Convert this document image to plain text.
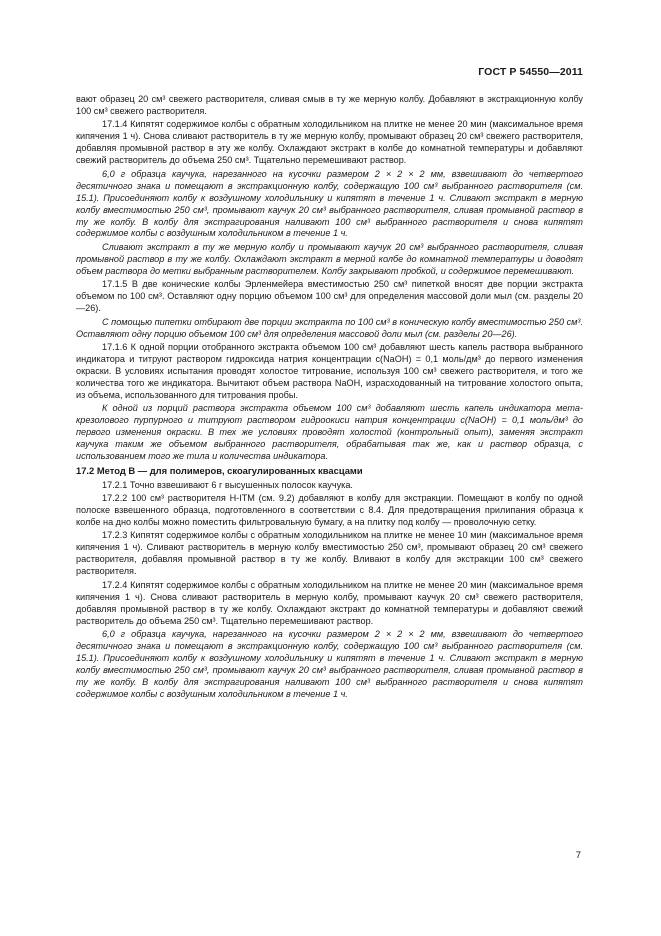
ГОСТ Р 54550—2011

вают образец 20 см³ свежего растворителя, сливая смыв в ту же мерную колбу. Добавляют в экстракционную колбу 100 см³ свежего растворителя.

17.1.4 Кипятят содержимое колбы с обратным холодильником на плитке не менее 20 мин (максимальное время кипячения 1 ч). Снова сливают растворитель в ту же мерную колбу, промывают образец 20 см³ свежего растворителя, добавляя промывной раствор в эту же колбу. Охлаждают экстракт в колбе до комнатной температуры и добавляют свежий растворитель до объема 250 см³. Тщательно перемешивают раствор.

6,0 г образца каучука, нарезанного на кусочки размером 2 × 2 × 2 мм, взвешивают до четвертого десятичного знака и помещают в экстракционную колбу, содержащую 100 см³ выбранного растворителя (см. 15.1). Присоединяют колбу к воздушному холодильнику и кипятят в течение 1 ч. Сливают экстракт в мерную колбу вместимостью 250 см³, промывают каучук 20 см³ выбранного растворителя, сливая промывной раствор в ту же колбу. В колбу для экстрагирования наливают 100 см³ выбранного растворителя и снова кипятят содержимое колбы с воздушным холодильником в течение 1 ч.

Сливают экстракт в ту же мерную колбу и промывают каучук 20 см³ выбранного растворителя, сливая промывной раствор в ту же колбу. Охлаждают экстракт в мерной колбе до комнатной температуры и доводят объем раствора до метки выбранным растворителем. Колбу закрывают пробкой, и содержимое перемешивают.

17.1.5 В две конические колбы Эрленмейера вместимостью 250 см³ пипеткой вносят две порции экстракта объемом по 100 см³. Оставляют одну порцию объемом 100 см³ для определения массовой доли мыл (см. разделы 20—26).

С помощью пипетки отбирают две порции экстракта по 100 см³ в коническую колбу вместимостью 250 см³. Оставляют одну порцию объемом 100 см³ для определения массовой доли мыл (см. разделы 20—26).

17.1.6 К одной порции отобранного экстракта объемом 100 см³ добавляют шесть капель раствора выбранного индикатора и титруют раствором гидроксида натрия концентрации c(NaOH) = 0,1 моль/дм³ до первого изменения окраски. В условиях испытания проводят холостое титрование, используя 100 см³ свежего растворителя, и того же количества того же индикатора. Вычитают объем раствора NaOH, израсходованный на титрование холостого опыта, из объема, использованного для титрования пробы.

К одной из порций раствора экстракта объемом 100 см³ добавляют шесть капель индикатора мета-крезолового пурпурного и титруют раствором гидроокиси натрия концентрации c(NaOH) = 0,1 моль/дм³ до первого изменения окраски. В тех же условиях проводят холостой (контрольный опыт), заменяя экстракт каучука таким же объемом выбранного растворителя, обрабатывая так же, как и раствор образца, с использованием того же тила и количества индикатора.

17.2 Метод В — для полимеров, скоагулированных квасцами

17.2.1 Точно взвешивают 6 г высушенных полосок каучука.

17.2.2 100 см³ растворителя Н-ITM (см. 9.2) добавляют в колбу для экстракции. Помещают в колбу по одной полоске взвешенного образца, подготовленного в соответствии с 8.4. Для предотвращения прилипания образца к колбе на дно колбы можно поместить фильтровальную бумагу, а на плитку под колбу — проволочную сетку.

17.2.3 Кипятят содержимое колбы с обратным холодильником на плитке не менее 10 мин (максимальное время кипячения 1 ч). Сливают растворитель в мерную колбу вместимостью 250 см³, промывают образец 20 см³ свежего растворителя, добавляя промывной раствор в ту же колбу. Вливают в колбу для экстракции 100 см³ свежего растворителя.

17.2.4 Кипятят содержимое колбы с обратным холодильником на плитке не менее 20 мин (максимальное время кипячения 1 ч). Снова сливают растворитель в мерную колбу, промывают каучук 20 см³ свежего растворителя, добавляя промывной раствор в ту же колбу. Охлаждают экстракт до комнатной температуры и добавляют свежий растворитель до объема 250 см³. Тщательно перемешивают раствор.

6,0 г образца каучука, нарезанного на кусочки размером 2 × 2 × 2 мм, взвешивают до четвертого десятичного знака и помещают в экстракционную колбу, содержащую 100 см³ выбранного растворителя (см. 15.1). Присоединяют колбу к воздушному холодильнику и кипятят в течение 1 ч. Сливают экстракт в мерную колбу вместимостью 250 см³, промывают каучук 20 см³ выбранного растворителя, сливая промывной раствор в ту же колбу. В колбу для экстрагирования наливают 100 см³ выбранного растворителя и снова кипятят содержимое колбы с воздушным холодильником в течение 1 ч.

7
